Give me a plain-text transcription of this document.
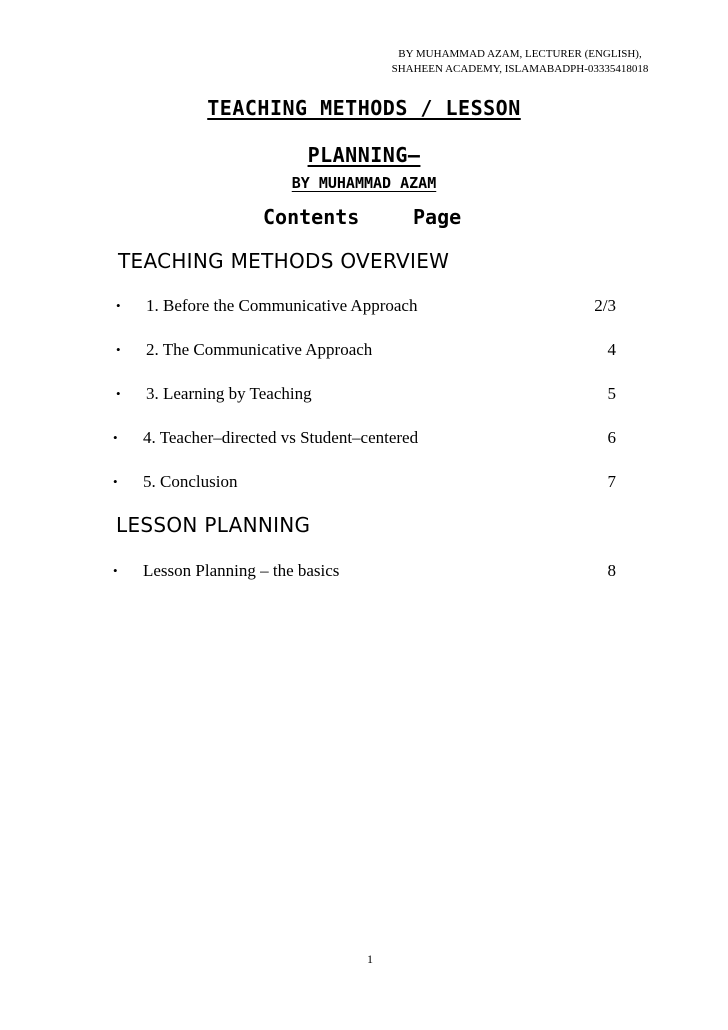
BY MUHAMMAD AZAM, LECTURER (ENGLISH),
SHAHEEN ACADEMY, ISLAMABADPH-03335418018
TEACHING METHODS / LESSON
PLANNING–
BY MUHAMMAD AZAM
Contents	Page
TEACHING METHODS OVERVIEW
• 1. Before the Communicative Approach	2/3
• 2. The Communicative Approach	4
• 3. Learning by Teaching	5
• 4. Teacher–directed vs Student–centered	6
• 5. Conclusion	7
LESSON PLANNING
• Lesson Planning – the basics	8
1
